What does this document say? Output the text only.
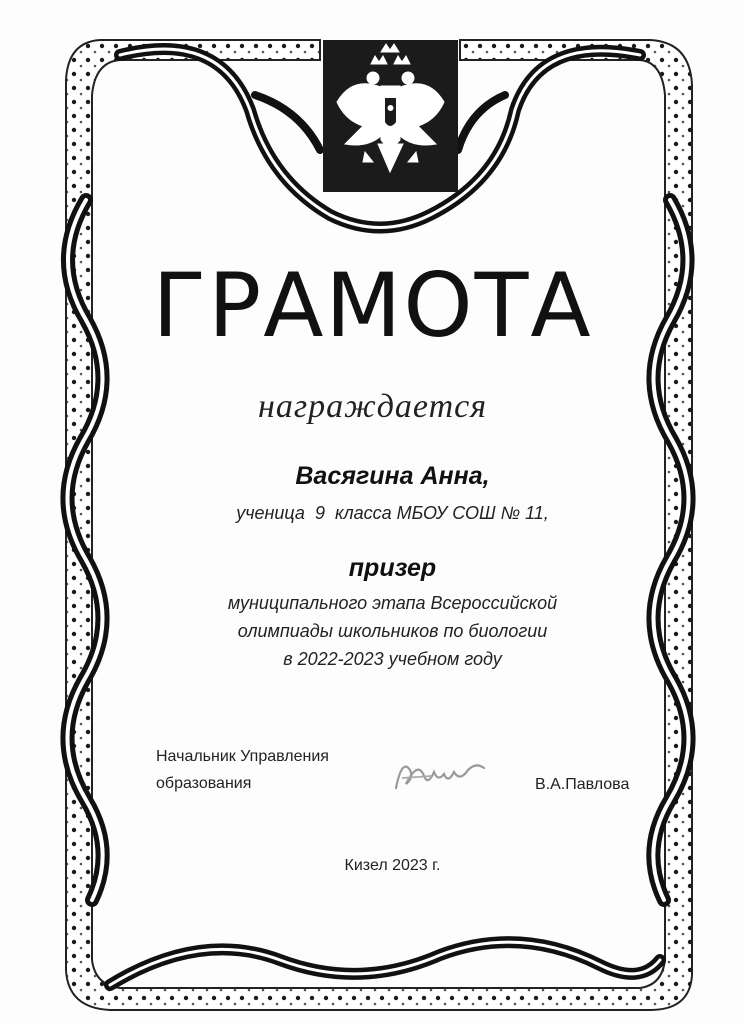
ГРАМОТА
награждается
Васягина Анна,
ученица  9  класса МБОУ СОШ № 11,
призер
муниципального этапа Всероссийской
олимпиады школьников по биологии
в 2022-2023 учебном году
Начальник Управления
образования	В.А.Павлова
Кизел 2023 г.
